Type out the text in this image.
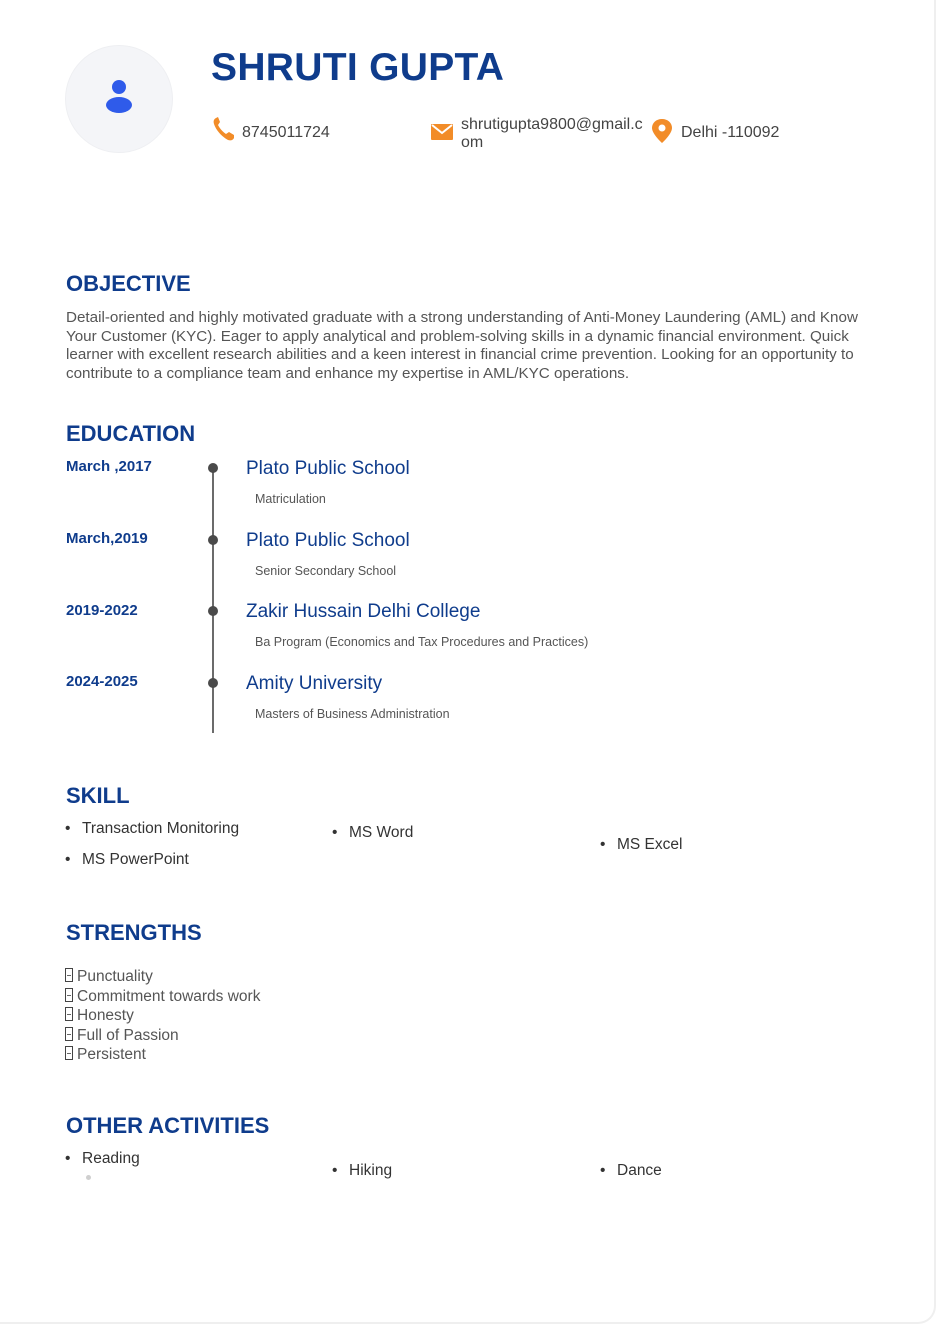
SHRUTI GUPTA
8745011724	shrutigupta9800@gmail.com
Delhi -110092
OBJECTIVE
Detail-oriented and highly motivated graduate with a strong understanding of Anti-Money Laundering (AML) and Know Your Customer (KYC). Eager to apply analytical and problem-solving skills in a dynamic financial environment. Quick learner with excellent research abilities and a keen interest in financial crime prevention. Looking for an opportunity to contribute to a compliance team and enhance my expertise in AML/KYC operations.
EDUCATION
March ,2017	Plato Public School
Matriculation
March,2019	Plato Public School
Senior Secondary School
2019-2022	Zakir Hussain Delhi College
Ba Program (Economics and Tax Procedures and Practices)
2024-2025	Amity University
Masters of Business Administration
SKILL
• Transaction Monitoring
• MS PowerPoint
• MS Word
• MS Excel
STRENGTHS
Punctuality
Commitment towards work
Honesty
Full of Passion
Persistent
OTHER ACTIVITIES
• Reading
• Hiking	• Dance
